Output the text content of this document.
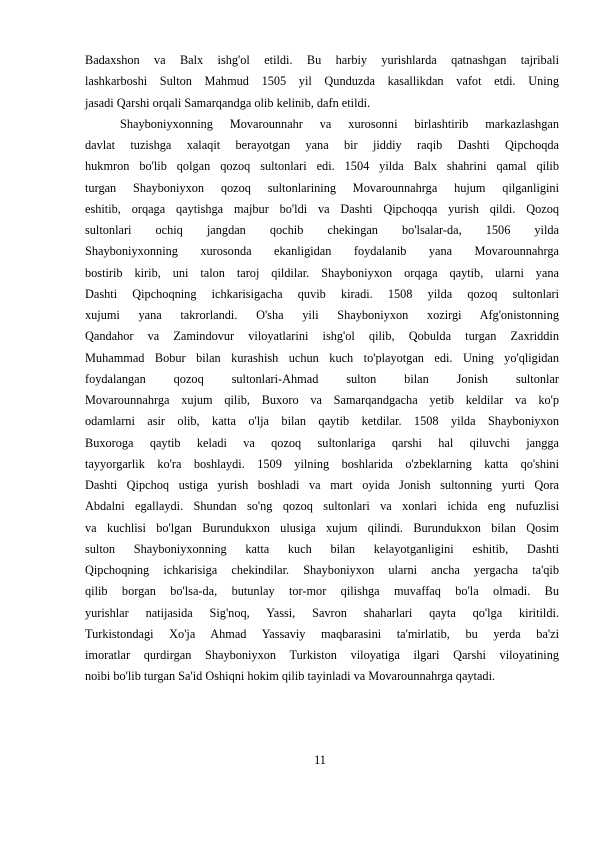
Badaxshon va Balx ishg'ol etildi. Bu harbiy yurishlarda qatnashgan tajribali
lashkarboshi Sulton Mahmud 1505 yil Qunduzda kasallikdan vafot etdi. Uning
jasadi Qarshi orqali Samarqandga olib kelinib, dafn etildi.

Shayboniyxonning Movarounnahr va xurosonni birlashtirib markazlashgan
davlat tuzishga xalaqit berayotgan yana bir jiddiy raqib Dashti Qipchoqda
hukmron bo'lib qolgan qozoq sultonlari edi. 1504 yilda Balx shahrini qamal qilib
turgan Shayboniyxon qozoq sultonlarining Movarounnahrga hujum qilganligini
eshitib, orqaga qaytishga majbur bo'ldi va Dashti Qipchoqqa yurish qildi. Qozoq
sultonlari ochiq jangdan qochib chekingan bo'lsalar-da, 1506 yilda
Shayboniyxonning xurosonda ekanligidan foydalanib yana Movarounnahrga
bostirib kirib, uni talon taroj qildilar. Shayboniyxon orqaga qaytib, ularni yana
Dashti Qipchoqning ichkarisigacha quvib kiradi. 1508 yilda qozoq sultonlari
xujumi yana takrorlandi. O'sha yili Shayboniyxon xozirgi Afg'onistonning
Qandahor va Zamindovur viloyatlarini ishg'ol qilib, Qobulda turgan Zaxriddin
Muhammad Bobur bilan kurashish uchun kuch to'playotgan edi. Uning yo'qligidan
foydalangan qozoq sultonlari-Ahmad sulton bilan Jonish sultonlar
Movarounnahrga xujum qilib, Buxoro va Samarqandgacha yetib keldilar va ko'p
odamlarni asir olib, katta o'lja bilan qaytib ketdilar. 1508 yilda Shayboniyxon
Buxoroga qaytib keladi va qozoq sultonlariga qarshi hal qiluvchi jangga
tayyorgarlik ko'ra boshlaydi. 1509 yilning boshlarida o'zbeklarning katta qo'shini
Dashti Qipchoq ustiga yurish boshladi va mart oyida Jonish sultonning yurti Qora
Abdalni egallaydi. Shundan so'ng qozoq sultonlari va xonlari ichida eng nufuzlisi
va kuchlisi bo'lgan Burundukxon ulusiga xujum qilindi. Burundukxon bilan Qosim
sulton Shayboniyxonning katta kuch bilan kelayotganligini eshitib, Dashti
Qipchoqning ichkarisiga chekindilar. Shayboniyxon ularni ancha yergacha ta'qib
qilib borgan bo'lsa-da, butunlay tor-mor qilishga muvaffaq bo'la olmadi. Bu
yurishlar natijasida Sig'noq, Yassi, Savron shaharlari qayta qo'lga kiritildi.
Turkistondagi Xo'ja Ahmad Yassaviy maqbarasini ta'mirlatib, bu yerda ba'zi
imoratlar qurdirgan Shayboniyxon Turkiston viloyatiga ilgari Qarshi viloyatining
noibi bo'lib turgan Sa'id Oshiqni hokim qilib tayinladi va Movarounnahrga qaytadi.

11
